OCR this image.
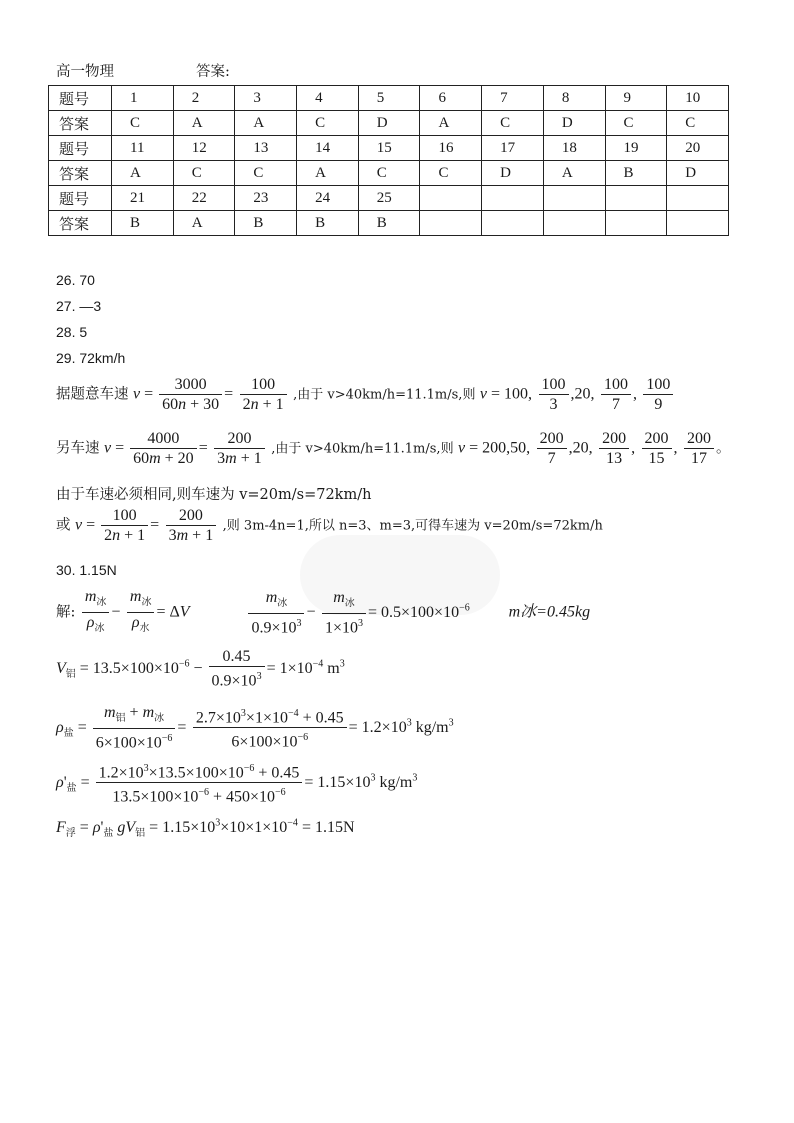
高一物理	答案:
题号	1	2	3	4	5	6	7	8	9	10
答案	C	A	A	C	D	A	C	D	C	C
题号	11	12	13	14	15	16	17	18	19	20
答案	A	C	C	A	C	C	D	A	B	D
题号	21	22	23	24	25					
答案	B	A	B	B	B					
26. 70
27. —3
28. 5
29. 72km/h
据题意车速 $v = \frac{3000}{60n + 30} = \frac{100}{2n + 1}$ ,由于 v>40km/h=11.1m/s,则 v = 100, $\frac{100}{3} ,20$, $\frac{100}{7}$ , $\frac{100}{9}$
另车速 $v = \frac{4000}{60m + 20} = \frac{200}{3m + 1}$ ,由于 v>40km/h=11.1m/s,则 v = 200,50, $\frac{200}{7} ,20$, $\frac{200}{13}$ , $\frac{200}{15}$ , $\frac{200}{17}$ 。
由于车速必须相同,则车速为 v=20m/s=72km/h
或 $v = \frac{100}{2n + 1} = \frac{200}{3m + 1}$ ,则 3m-4n=1,所以 n=3、m=3,可得车速为 v=20m/s=72km/h
30. 1.15N
解:
$m_冰$
$\rho_冰$
−
$m_冰$
$\rho_水$
= ΔV
$m_冰$
$0.9\times 10^3$
−
$m_冰$
$1\times 10^3$
= $0.5\times 100\times 10^{-6}$ m冰=0.45kg
$V_铝 = 13.5\times 100\times 10^{-6} - \frac{0.45}{0.9\times 10^3} = 1\times 10^{-4}$ $m^3$
$\rho_盐$ =
$m_铝 + m_冰$
$6\times 100\times 10^{-6}$
= $\frac{2.7\times 10^3\times 1\times 10^{-4} + 0.45}{6\times 100\times 10^{-6}} = 1.2\times 10^3$ $kg/m^3$
$\rho'_盐 = \frac{1.2\times 10^3\times 13.5\times 100\times 10^{-6} + 0.45}{13.5\times 100\times 10^{-6} + 450\times 10^{-6}} = 1.15\times 10^3$ $kg/m^3$
$F_浮 = \rho'_盐$ $gV_铝 = 1.15\times 10^3\times 10\times 1\times 10^{-4} = 1.15N$
